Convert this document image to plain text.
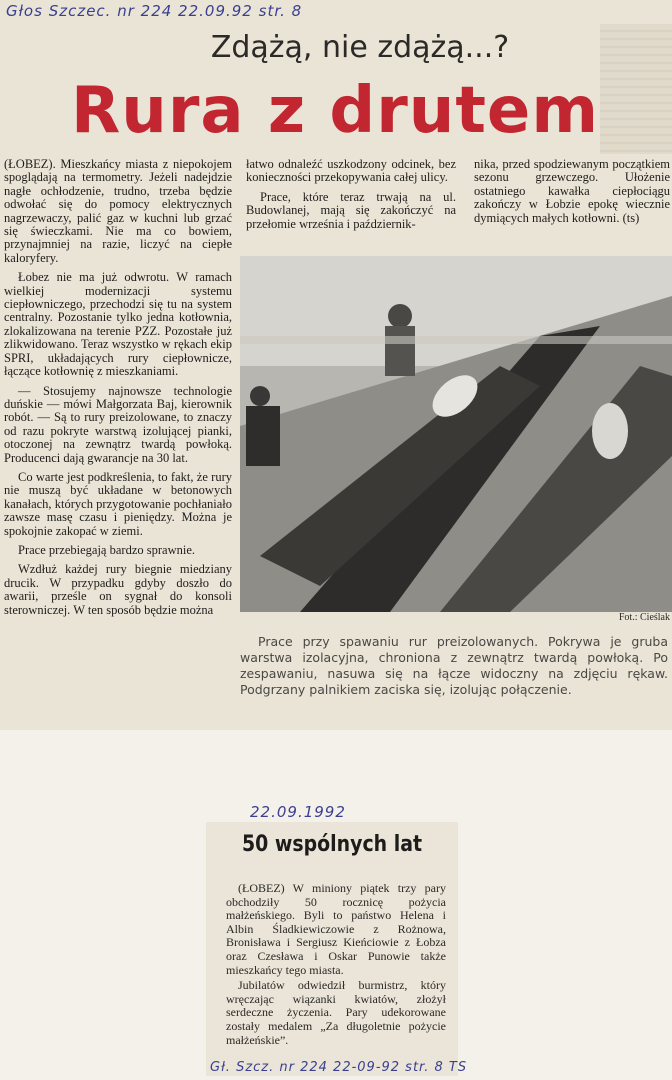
Głos Szczec. nr 224 22.09.92 str. 8
Zdążą, nie zdążą...?
Rura z drutem

(ŁOBEZ). Mieszkańcy miasta z niepokojem spoglądają na termometry. Jeżeli nadejdzie nagłe ochłodzenie, trudno, trzeba będzie odwołać się do pomocy elektrycznych nagrzewaczy, palić gaz w kuchni lub grzać się świeczkami. Nie ma co bowiem, przynajmniej na razie, liczyć na ciepłe kaloryfery.

Łobez nie ma już odwrotu. W ramach wielkiej modernizacji systemu ciepłowniczego, przechodzi się tu na system centralny. Pozostanie tylko jedna kotłownia, zlokalizowana na terenie PZZ. Pozostałe już zlikwidowano. Teraz wszystko w rękach ekip SPRI, układających rury ciepłownicze, łączące kotłownię z mieszkaniami.

— Stosujemy najnowsze technologie duńskie — mówi Małgorzata Baj, kierownik robót. — Są to rury preizolowane, to znaczy od razu pokryte warstwą izolującej pianki, otoczonej na zewnątrz twardą powłoką. Producenci dają gwarancje na 30 lat.

Co warte jest podkreślenia, to fakt, że rury nie muszą być układane w betonowych kanałach, których przygotowanie pochłaniało zawsze masę czasu i pieniędzy. Można je spokojnie zakopać w ziemi.

Prace przebiegają bardzo sprawnie.

Wzdłuż każdej rury biegnie miedziany drucik. W przypadku gdyby doszło do awarii, prześle on sygnał do konsoli sterowniczej. W ten sposób będzie można

łatwo odnaleźć uszkodzony odcinek, bez konieczności przekopywania całej ulicy.

Prace, które teraz trwają na ul. Budowlanej, mają się zakończyć na przełomie września i październik-

nika, przed spodziewanym początkiem sezonu grzewczego. Ułożenie ostatniego kawałka ciepłociągu zakończy w Łobzie epokę wiecznie dymiących małych kotłowni. (ts)

Fot.: Cieślak

Prace przy spawaniu rur preizolowanych. Pokrywa je gruba warstwa izolacyjna, chroniona z zewnątrz twardą powłoką. Po zespawaniu, nasuwa się na łącze widoczny na zdjęciu rękaw. Podgrzany palnikiem zaciska się, izolując połączenie.

22.09.1992
50 wspólnych lat

(ŁOBEZ) W miniony piątek trzy pary obchodziły 50 rocznicę pożycia małżeńskiego. Byli to państwo Helena i Albin Śladkiewiczowie z Rożnowa, Bronisława i Sergiusz Kieńciowie z Łobza oraz Czesława i Oskar Punowie także mieszkańcy tego miasta.

Jubilatów odwiedził burmistrz, który wręczając wiązanki kwiatów, złożył serdeczne życzenia. Pary udekorowane zostały medalem „Za długoletnie pożycie małżeńskie”.

Gł. Szcz. nr 224 22-09-92 str. 8 TS
